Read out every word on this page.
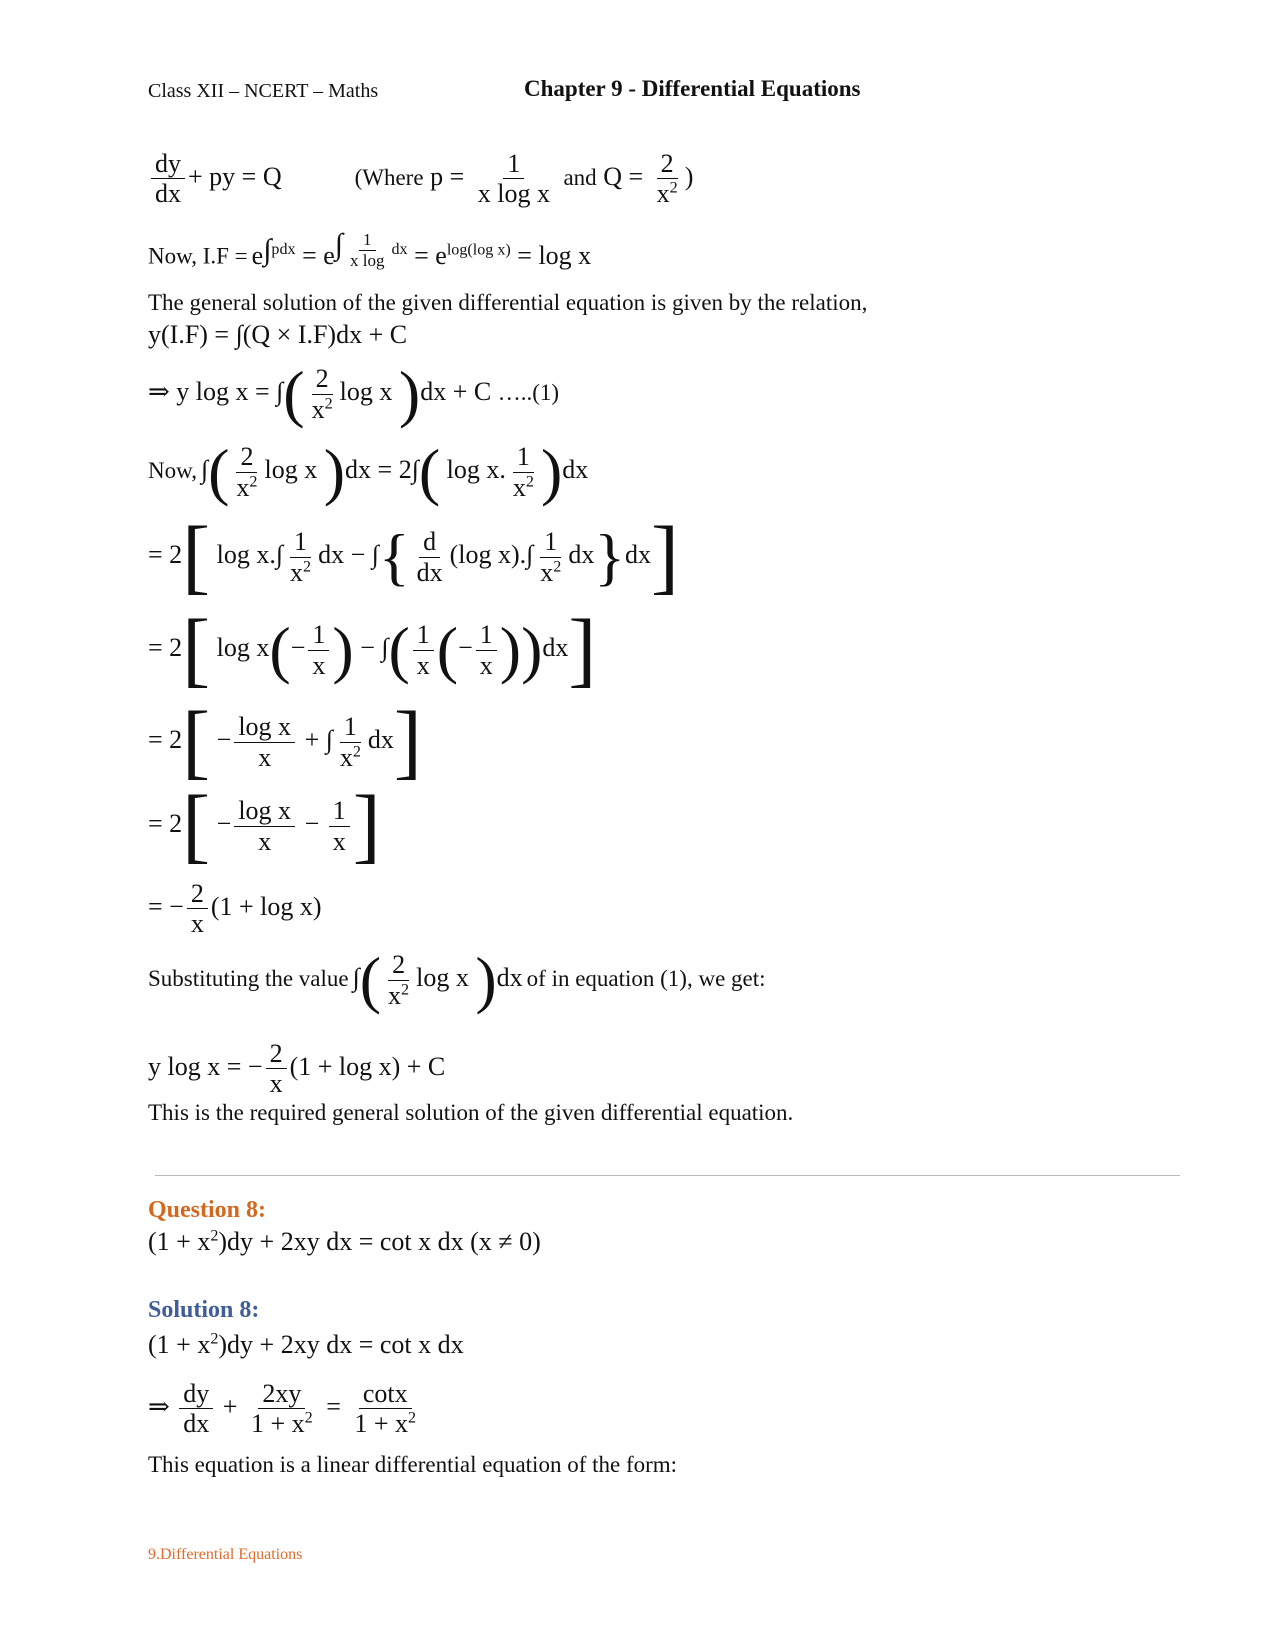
Class XII – NCERT – Maths	Chapter 9 - Differential Equations
$\frac{dy}{dx}$ + py = Q	(Where $p = \frac{1}{\text{x log x}}$ and $Q = \frac{2}{x^2}$ )
Now, $I.F = e^{\int pdx} = e^{\int \frac{1}{\text{x log}} dx} = e^{log(log x)} = \log x$
The general solution of the given differential equation is given by the relation,
y(I.F) = ∫(Q × I.F)dx + C
⇒ y log x = ∫( $\frac{2}{x^2}$ log x )dx + C …..(1)
Now, ∫( $\frac{2}{x^2}$ log x )dx = 2∫( log x. $\frac{1}{x^2} )dx$
= 2[ $\log x.\int \frac{1}{x^2}$ dx − ∫{ $\frac{d}{dx} (\log$ $x).\int \frac{1}{x^2} dx\}dx$]
= 2[ $\log x(- \frac{1}{x}$ ) − ∫( $\frac{1}{x}$ (− $\frac{1}{x} ))dx$]
= $2[ - \frac{\text{log x}}{x}$ + ∫ $\frac{1}{x^2} dx$]
= $2[ - \frac{\text{log x}}{x} - \frac{1}{x}$ ]
= − $\frac{2}{x} (1 + \log x)$
Substituting the value ∫( $\frac{2}{x^2}$ log x )dx of in equation (1), we get:
y log x = − $\frac{2}{x} (1 + \log x) + C$
This is the required general solution of the given differential equation.
Question 8:
$(1 + x^2)dy + 2xy$ dx = cot x dx (x ≠ 0)
Solution 8:
$(1 + x^2)dy + 2xy$ dx = cot x dx
⇒ $\frac{dy}{dx} + \frac{2xy}{1 + x^2} = \frac{\cot x}{1 + x^2}$
This equation is a linear differential equation of the form:
9.Differential Equations
